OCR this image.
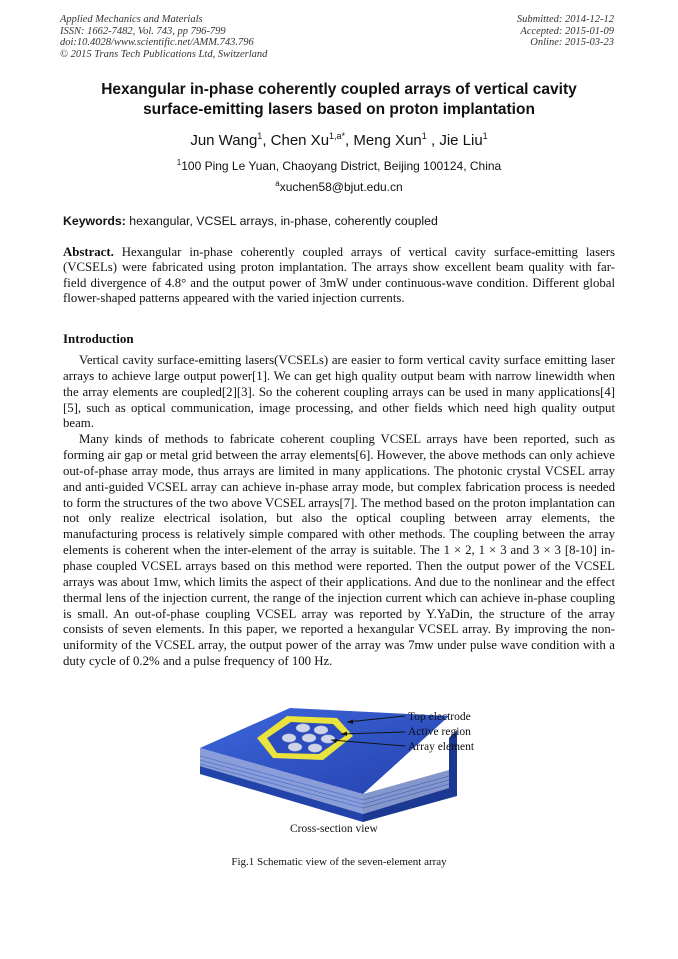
Applied Mechanics and Materials
ISSN: 1662-7482, Vol. 743, pp 796-799
doi:10.4028/www.scientific.net/AMM.743.796
© 2015 Trans Tech Publications Ltd, Switzerland
Submitted: 2014-12-12
Accepted: 2015-01-09
Online: 2015-03-23
Hexangular in-phase coherently coupled arrays of vertical cavity
surface-emitting lasers based on proton implantation
Jun Wang$^1$, Chen $Xu^{1,a*}$, Meng Xun$^1$ , Jie Liu$^1$
$^1$100 Ping Le Yuan, Chaoyang District, Beijing 100124, China
$^a$xuchen58@bjut.edu.cn
Keywords: hexangular, VCSEL arrays, in-phase, coherently coupled
Abstract. Hexangular in-phase coherently coupled arrays of vertical cavity surface-emitting lasers (VCSELs) were fabricated using proton implantation. The arrays show excellent beam quality with far-field divergence of 4.8° and the output power of 3mW under continuous-wave condition. Different global flower-shaped patterns appeared with the varied injection currents.
Introduction

Vertical cavity surface-emitting lasers(VCSELs) are easier to form vertical cavity surface emitting laser arrays to achieve large output power[1]. We can get high quality output beam with narrow linewidth when the array elements are coupled[2][3]. So the coherent coupling arrays can be used in many applications[4][5], such as optical communication, image processing, and other fields which need high quality output beam.

Many kinds of methods to fabricate coherent coupling VCSEL arrays have been reported, such as forming air gap or metal grid between the array elements[6]. However, the above methods can only achieve out-of-phase array mode, thus arrays are limited in many applications. The photonic crystal VCSEL array and anti-guided VCSEL array can achieve in-phase array mode, but complex fabrication process is needed to form the structures of the two above VCSEL arrays[7]. The method based on the proton implantation can not only realize electrical isolation, but also the optical coupling between array elements, the manufacturing process is relatively simple compared with other methods. The coupling between the array elements is coherent when the inter-element of the array is suitable. The 1 × 2, 1 × 3 and 3 × 3 [8-10] in-phase coupled VCSEL arrays based on this method were reported. Then the output power of the VCSEL arrays was about 1mw, which limits the aspect of their applications. And due to the nonlinear and the effect thermal lens of the injection current, the range of the injection current which can achieve in-phase coupling is small. An out-of-phase coupling VCSEL array was reported by Y.YaDin, the structure of the array consists of seven elements. In this paper, we reported a hexangular VCSEL array. By improving the non-uniformity of the VCSEL array, the output power of the array was 7mw under pulse wave condition with a duty cycle of 0.2% and a pulse frequency of 100 Hz.

Top electrode
Active region
Array element
Cross-section view
Fig.1 Schematic view of the seven-element array
